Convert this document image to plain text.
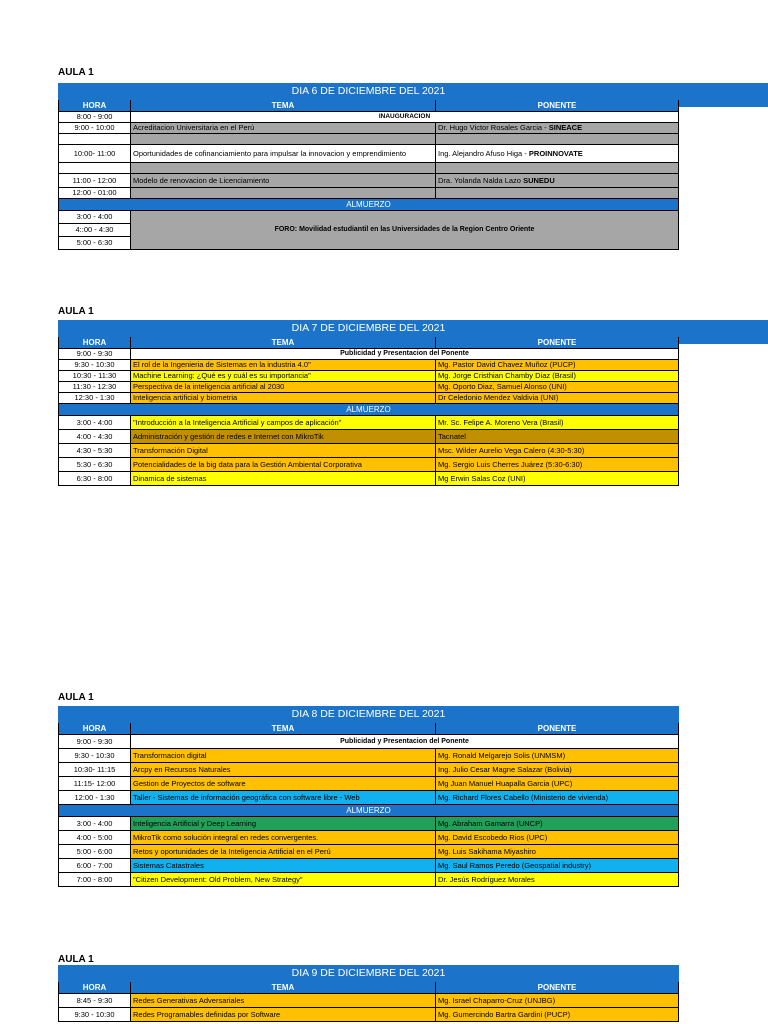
AULA 1
DIA 6 DE DICIEMBRE DEL 2021		
HORA	TEMA	PONENTE
8:00 - 9:00	INAUGURACION	
9:00 - 10:00	Acreditacion Universitaria en el Perú	Dr. Hugo Victor Rosales Garcia - SINEACE

10:00- 11:00	Oportunidades de cofinanciamiento para impulsar la innovacion y emprendimiento	Ing. Alejandro Afuso Higa - PROINNOVATE

11:00 - 12:00	Modelo de renovacion de Licenciamiento	Dra. Yolanda Nalda Lazo SUNEDU
12:00 - 01:00		
ALMUERZO		
3:00 - 4:00	FORO: Movilidad estudiantil en las Universidades de la Region Centro Oriente	
4::00 - 4:30		
5:00 - 6:30		
AULA 1
DIA 7 DE DICIEMBRE DEL 2021		
HORA	TEMA	PONENTE
9:00 - 9:30	Publicidad y Presentacion del Ponente	
9:30 - 10:30	El rol de la Ingenieria de Sistemas en la industria 4.0"	Mg. Pastor David Chavez Muñoz (PUCP)
10:30 - 11:30	Machine Learning: ¿Qué es y cuál es su importancia"	Mg. Jorge Cristhian Chamby Diaz (Brasil)
11:30 - 12:30	Perspectiva de la inteligencia artificial al 2030	Mg. Oporto Diaz, Samuel Alonso (UNI)
12:30 - 1:30	Inteligencia artificial y biometria	Dr Celedonio Mendez Valdivia (UNI)
ALMUERZO		
3:00 - 4:00	"Introducción a la Inteligencia Artificial y campos de aplicación"	Mr. Sc. Felipe A. Moreno Vera (Brasil)
4:00 - 4:30	Administración y gestión de redes e Internet con MikroTik	Tacnatel
4:30 - 5:30	Transformación Digital	Msc. Wilder Aurelio Vega Calero (4:30-5:30)
5:30 - 6:30	Potencialidades de la big data para la Gestión Ambiental Corporativa	Mg. Sergio Luis Cherres Juárez (5:30-6:30)
6:30 - 8:00	Dinamica de sistemas	Mg Erwin Salas Coz (UNI)
AULA 1
DIA 8 DE DICIEMBRE DEL 2021		
HORA	TEMA	PONENTE
9:00 - 9:30	Publicidad y Presentacion del Ponente	
9:30 - 10:30	Transformacion digital	Mg. Ronald Melgarejo Solis (UNMSM)
10:30- 11:15	Arcpy en Recursos Naturales	Ing. Julio Cesar Magne Salazar (Bolivia)
11:15- 12:00	Gestion de Proyectos de software	Mg Juan Manuel Huapalla Garcia (UPC)
12:00 - 1:30	Taller - Sistemas de información geográfica con software libre - Web	Mg. Richard Flores Cabello (Ministerio de vivienda)
ALMUERZO		
3:00 - 4:00	Inteligencia Artificial y Deep Learning	Mg. Abraham Gamarra (UNCP)
4:00 - 5:00	MikroTik como solución integral en redes convergentes.	Mg. David Escobedo Rios (UPC)
5:00 - 6:00	Retos y oportunidades de la Inteligencia Artificial en el Perú	Mg. Luis Sakihama Miyashiro
6:00 - 7:00	Sistemas Catastrales	Mg. Saul Ramos Peredo (Geospatial industry)
7:00 - 8:00	"Citizen Development: Old Problem, New Strategy"	Dr. Jesús Rodríguez Morales
AULA 1
DIA 9 DE DICIEMBRE DEL 2021		
HORA	TEMA	PONENTE
8:45 - 9:30	Redes Generativas Adversariales	Mg. Israel Chaparro-Cruz (UNJBG)
9:30 - 10:30	Redes Programables definidas por Software	Mg. Gumercindo Bartra Gardini (PUCP)
